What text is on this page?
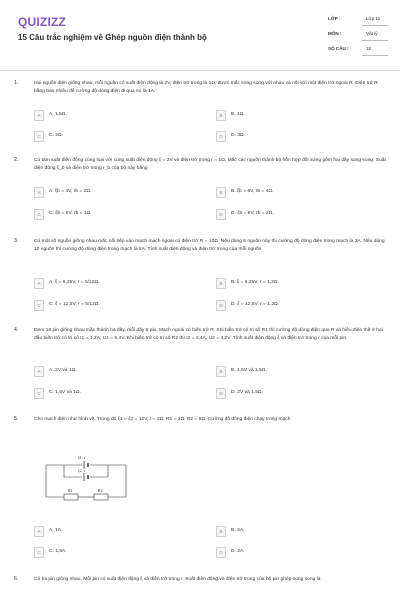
QUIZIZZ
15 Câu trắc nghiệm về Ghép nguồn điện thành bộ
LỚP :	Lớp 11
MÔN :	Vật lý
SỐ CÂU :	15
1.	Hai nguồn điện giống nhau, mỗi nguồn có suất điện động là 2V, điện trở trong là 1Ω, được mắc song song với nhau và nối với một điện trở ngoài R. Điện trở R bằng bao nhiêu để cường độ dòng điện đi qua nó là 1A.
A	A. 1,5Ω.	B	B. 1Ω.
C	C. 2Ω.	D	D. 3Ω.
2.	Có tám suất điện động cùng loại với cùng suất điện động ξ = 2V và điện trở trong r = 1Ω. Mắc các nguồn thành bộ hỗn hợp đối xứng gồm hai dãy song song. Suất điện động ξ_b và điện trở trong r_b của bộ này bằng
A	A. ξb = 4V, rb = 2Ω.	B	B. ξb = 6V, rb = 4Ω.
C	C. ξb = 6V, rb = 1Ω.	D	D. ξb = 8V, rb = 2Ω.
3.	Có một số nguồn giống nhau mắc nối tiếp vào mạch mạch ngoài có điện trở R = 10Ω. Nếu dùng 6 nguồn này thì cường độ dòng điện trong mạch là 3A. Nếu dùng 12 nguồn thì cường độ dòng điện trong mạch là 5A. Tính suất điện động và điện trở trong của mỗi nguồn.
A	A. ξ = 6,25V, r = 5/12Ω.	B	B. ξ = 6,25V, r = 1,2Ω.
C	C. ξ = 12,5V, r = 5/12Ω.	D	D. ξ = 12,5V, r = 1,2Ω.
4.	Đem 18 pin giống nhau mắc thành ba dãy, mỗi dãy 6 pin. Mạch ngoài có biến trở R. Khi biến trở có trị số R1 thì cường độ dòng điện qua R và hiệu điện thế ở hai đầu biến trở có trị số I1 = 1,2A, U1 = 6,4V. Khi biến trở có trị số R2 thì I2 = 2,4A, U2 = 4,2V. Tính suất điện động ξ và điện trở trong r của mỗi pin.
A	A. 2V và 1Ω.	B	B. 1,5V và 1,5Ω.
C	C. 1,5V và 1Ω.	D	D. 2V và 1,5Ω.
5.	Cho mạch điện như hình vẽ. Trong đó ξ1 = ξ2 = 12V, r = 2Ω, R1 = 3Ω, R2 = 8Ω. Cường độ dòng điện chạy trong mạch
ξ1, r
ξ2, r
R1	R2
A	A. 1A.	B	B. 3A.
C	C. 1,5A.	D	D. 2A.
6.	Có ba pin giống nhau, Mỗi pin có suất điện động ξ và điện trở trong r. Suất điện động và điện trở trong của bộ pin ghép song song là
